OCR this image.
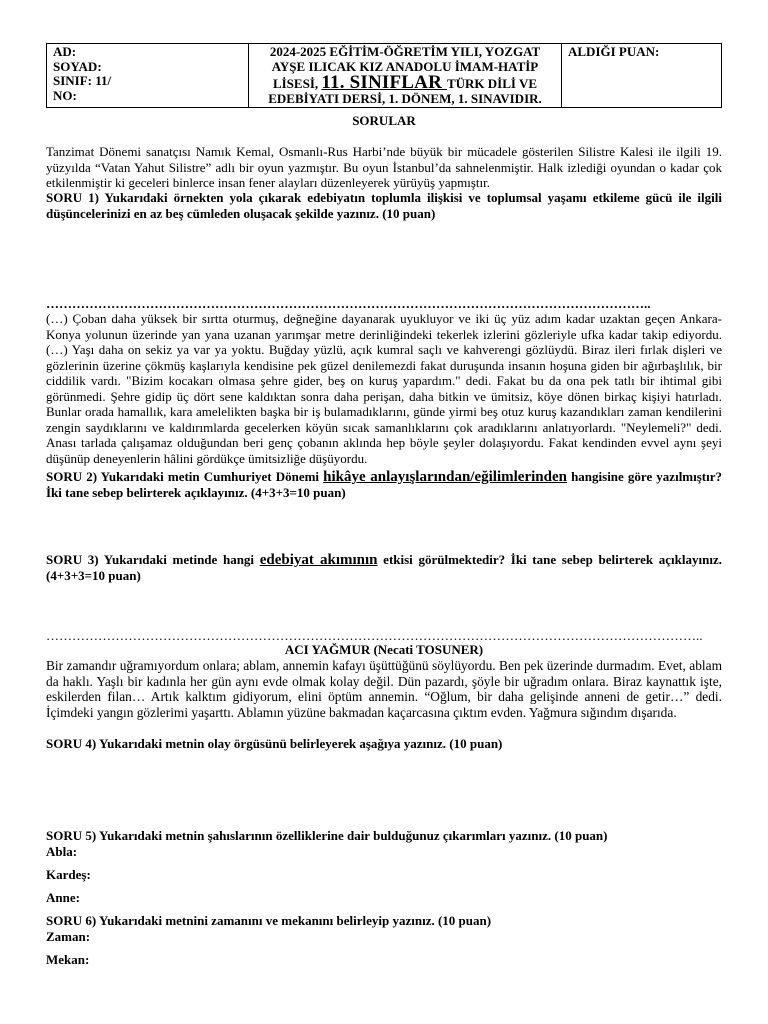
AD:
SOYAD:
SINIF: 11/
NO:

2024-2025 EĞİTİM-ÖĞRETİM YILI, YOZGAT
AYŞE ILICAK KIZ ANADOLU İMAM-HATİP
LİSESİ, 11. SINIFLAR TÜRK DİLİ VE
EDEBİYATI DERSİ, 1. DÖNEM, 1. SINAVIDIR.

ALDIĞI PUAN:
SORULAR
Tanzimat Dönemi sanatçısı Namık Kemal, Osmanlı-Rus Harbi’nde büyük bir mücadele gösterilen Silistre Kalesi ile ilgili 19. yüzyılda “Vatan Yahut Silistre” adlı bir oyun yazmıştır. Bu oyun İstanbul’da sahnelenmiştir. Halk izlediği oyundan o kadar çok etkilenmiştir ki geceleri binlerce insan fener alayları düzenleyerek yürüyüş yapmıştır.
SORU 1) Yukarıdaki örnekten yola çıkarak edebiyatın toplumla ilişkisi ve toplumsal yaşamı etkileme gücü ile ilgili düşüncelerinizi en az beş cümleden oluşacak şekilde yazınız. (10 puan)
…………………………………………………………………………………………………………………………..
(…) Çoban daha yüksek bir sırtta oturmuş, değneğine dayanarak uyukluyor ve iki üç yüz adım kadar uzaktan geçen Ankara-Konya yolunun üzerinde yan yana uzanan yarımşar metre derinliğindeki tekerlek izlerini gözleriyle ufka kadar takip ediyordu. (…) Yaşı daha on sekiz ya var ya yoktu. Buğday yüzlü, açık kumral saçlı ve kahverengi gözlüydü. Biraz ileri fırlak dişleri ve gözlerinin üzerine çökmüş kaşlarıyla kendisine pek güzel denilemezdi fakat duruşunda insanın hoşuna giden bir ağırbaşlılık, bir ciddilik vardı. "Bizim kocakarı olmasa şehre gider, beş on kuruş yapardım." dedi. Fakat bu da ona pek tatlı bir ihtimal gibi görünmedi. Şehre gidip üç dört sene kaldıktan sonra daha perişan, daha bitkin ve ümitsiz, köye dönen birkaç kişiyi hatırladı. Bunlar orada hamallık, kara amelelikten başka bir iş bulamadıklarını, günde yirmi beş otuz kuruş kazandıkları zaman kendilerini zengin saydıklarını ve kaldırımlarda gecelerken köyün sıcak samanlıklarını çok aradıklarını anlatıyorlardı. "Neylemeli?" dedi. Anası tarlada çalışamaz olduğundan beri genç çobanın aklında hep böyle şeyler dolaşıyordu. Fakat kendinden evvel aynı şeyi düşünüp deneyenlerin hâlini gördükçe ümitsizliğe düşüyordu.
SORU 2) Yukarıdaki metin Cumhuriyet Dönemi hikâye anlayışlarından/eğilimlerinden hangisine göre yazılmıştır? İki tane sebep belirterek açıklayınız. (4+3+3=10 puan)
SORU 3) Yukarıdaki metinde hangi edebiyat akımının etkisi görülmektedir? İki tane sebep belirterek açıklayınız. (4+3+3=10 puan)
……………………………………………………………………………………………………………………………………..
ACI YAĞMUR (Necati TOSUNER)
Bir zamandır uğramıyordum onlara; ablam, annemin kafayı üşüttüğünü söylüyordu. Ben pek üzerinde durmadım. Evet, ablam da haklı. Yaşlı bir kadınla her gün aynı evde olmak kolay değil. Dün pazardı, şöyle bir uğradım onlara. Biraz kaynattık işte, eskilerden filan… Artık kalktım gidiyorum, elini öptüm annemin. “Oğlum, bir daha gelişinde anneni de getir…” dedi. İçimdeki yangın gözlerimi yaşarttı. Ablamın yüzüne bakmadan kaçarcasına çıktım evden. Yağmura sığındım dışarıda.
SORU 4) Yukarıdaki metnin olay örgüsünü belirleyerek aşağıya yazınız. (10 puan)
SORU 5) Yukarıdaki metnin şahıslarının özelliklerine dair bulduğunuz çıkarımları yazınız. (10 puan)
Abla:
Kardeş:
Anne:
SORU 6) Yukarıdaki metnini zamanını ve mekanını belirleyip yazınız. (10 puan)
Zaman:
Mekan:
